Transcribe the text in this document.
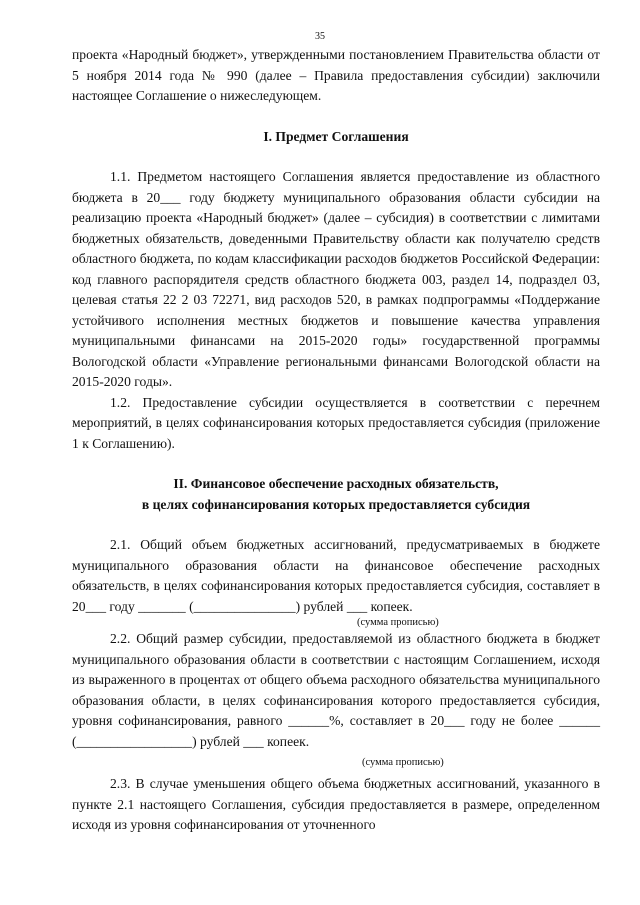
35

проекта «Народный бюджет», утвержденными постановлением Правительства области от 5 ноября 2014 года № 990 (далее – Правила предоставления субсидии) заключили настоящее Соглашение о нижеследующем.

I. Предмет Соглашения

1.1. Предметом настоящего Соглашения является предоставление из областного бюджета в 20___ году бюджету муниципального образования области субсидии на реализацию проекта «Народный бюджет» (далее – субсидия) в соответствии с лимитами бюджетных обязательств, доведенными Правительству области как получателю средств областного бюджета, по кодам классификации расходов бюджетов Российской Федерации: код главного распорядителя средств областного бюджета 003, раздел 14, подраздел 03, целевая статья 22 2 03 72271, вид расходов 520, в рамках подпрограммы «Поддержание устойчивого исполнения местных бюджетов и повышение качества управления муниципальными финансами на 2015-2020 годы» государственной программы Вологодской области «Управление региональными финансами Вологодской области на 2015-2020 годы».

1.2. Предоставление субсидии осуществляется в соответствии с перечнем мероприятий, в целях софинансирования которых предоставляется субсидия (приложение 1 к Соглашению).

II. Финансовое обеспечение расходных обязательств,

в целях софинансирования которых предоставляется субсидия

2.1. Общий объем бюджетных ассигнований, предусматриваемых в бюджете муниципального образования области на финансовое обеспечение расходных обязательств, в целях софинансирования которых предоставляется субсидия, составляет в 20___ году _______ (_______________) рублей ___ копеек.

(сумма прописью)

2.2. Общий размер субсидии, предоставляемой из областного бюджета в бюджет муниципального образования области в соответствии с настоящим Соглашением, исходя из выраженного в процентах от общего объема расходного обязательства муниципального образования области, в целях софинансирования которого предоставляется субсидия, уровня софинансирования, равного ______%, составляет в 20___ году не более ______ (_________________) рублей ___ копеек.

(сумма прописью)

2.3. В случае уменьшения общего объема бюджетных ассигнований, указанного в пункте 2.1 настоящего Соглашения, субсидия предоставляется в размере, определенном исходя из уровня софинансирования от уточненного
